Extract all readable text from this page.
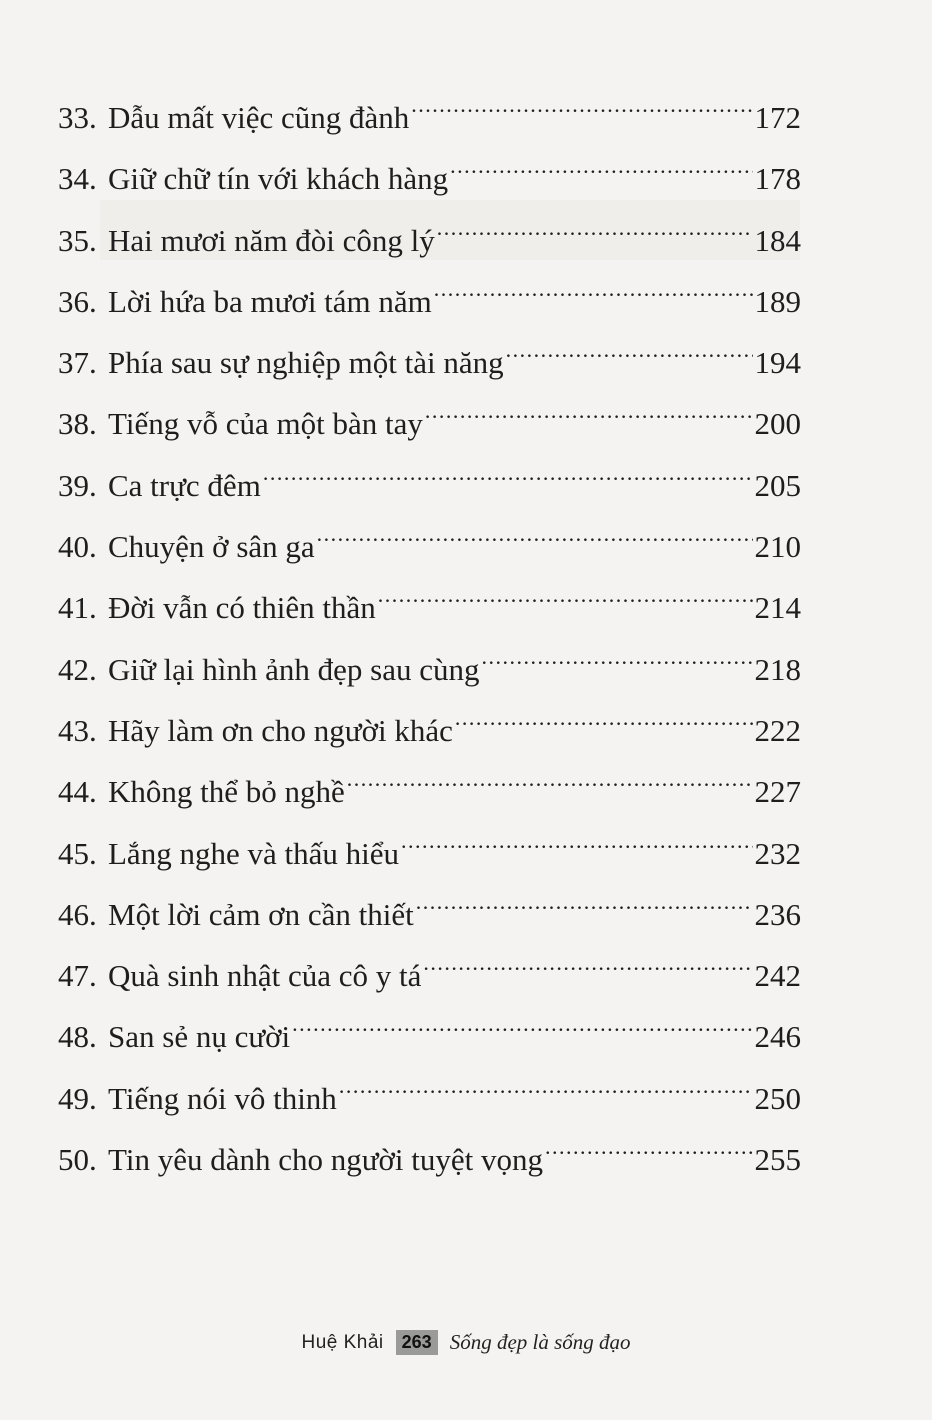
33. Dẫu mất việc cũng đành .....	172
34. Giữ chữ tín với khách hàng .....	178
35. Hai mươi năm đòi công lý .....	184
36. Lời hứa ba mươi tám năm .....	189
37. Phía sau sự nghiệp một tài năng .....	194
38. Tiếng vỗ của một bàn tay .....	200
39. Ca trực đêm .....	205
40. Chuyện ở sân ga .....	210
41. Đời vẫn có thiên thần .....	214
42. Giữ lại hình ảnh đẹp sau cùng .....	218
43. Hãy làm ơn cho người khác .....	222
44. Không thể bỏ nghề .....	227
45. Lắng nghe và thấu hiểu .....	232
46. Một lời cảm ơn cần thiết .....	236
47. Quà sinh nhật của cô y tá .....	242
48. San sẻ nụ cười .....	246
49. Tiếng nói vô thinh .....	250
50. Tin yêu dành cho người tuyệt vọng .....	255
Huệ Khải	263 Sống đẹp là sống đạo
